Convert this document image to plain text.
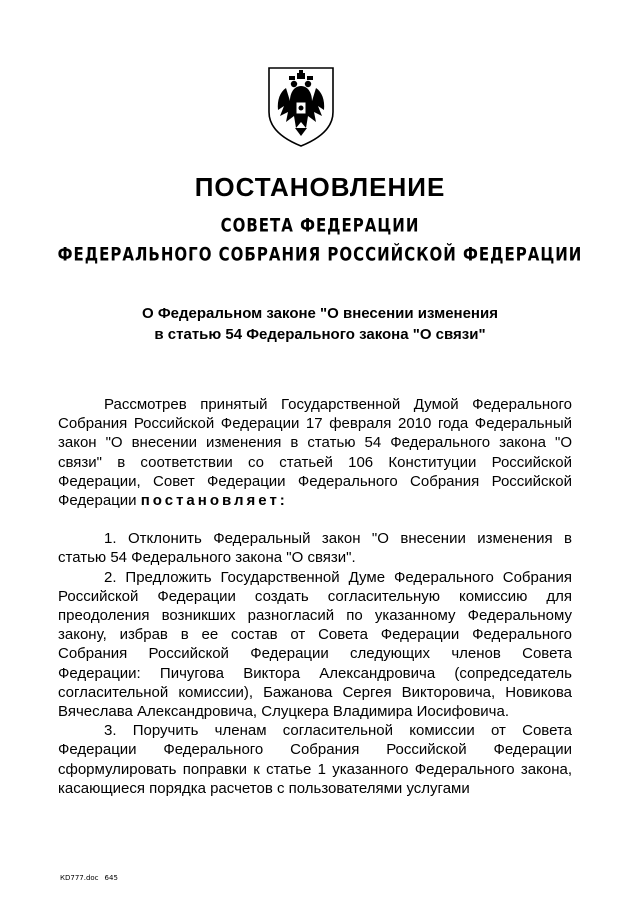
ПОСТАНОВЛЕНИЕ
СОВЕТА ФЕДЕРАЦИИ
ФЕДЕРАЛЬНОГО СОБРАНИЯ РОССИЙСКОЙ ФЕДЕРАЦИИ
О Федеральном законе "О внесении изменения
в статью 54 Федерального закона "О связи"

Рассмотрев принятый Государственной Думой Федерального Собрания Российской Федерации 17 февраля 2010 года Федеральный закон "О внесении изменения в статью 54 Федерального закона "О связи" в соответствии со статьей 106 Конституции Российской Федерации, Совет Федерации Федерального Собрания Российской Федерации постановляет:

1. Отклонить Федеральный закон "О внесении изменения в статью 54 Федерального закона "О связи".

2. Предложить Государственной Думе Федерального Собрания Российской Федерации создать согласительную комиссию для преодоления возникших разногласий по указанному Федеральному закону, избрав в ее состав от Совета Федерации Федерального Собрания Российской Федерации следующих членов Совета Федерации: Пичугова Виктора Александровича (сопредседатель согласительной комиссии), Бажанова Сергея Викторовича, Новикова Вячеслава Александровича, Слуцкера Владимира Иосифовича.

3. Поручить членам согласительной комиссии от Совета Федерации Федерального Собрания Российской Федерации сформулировать поправки к статье 1 указанного Федерального закона, касающиеся порядка расчетов с пользователями услугами

КD777.doc 645
